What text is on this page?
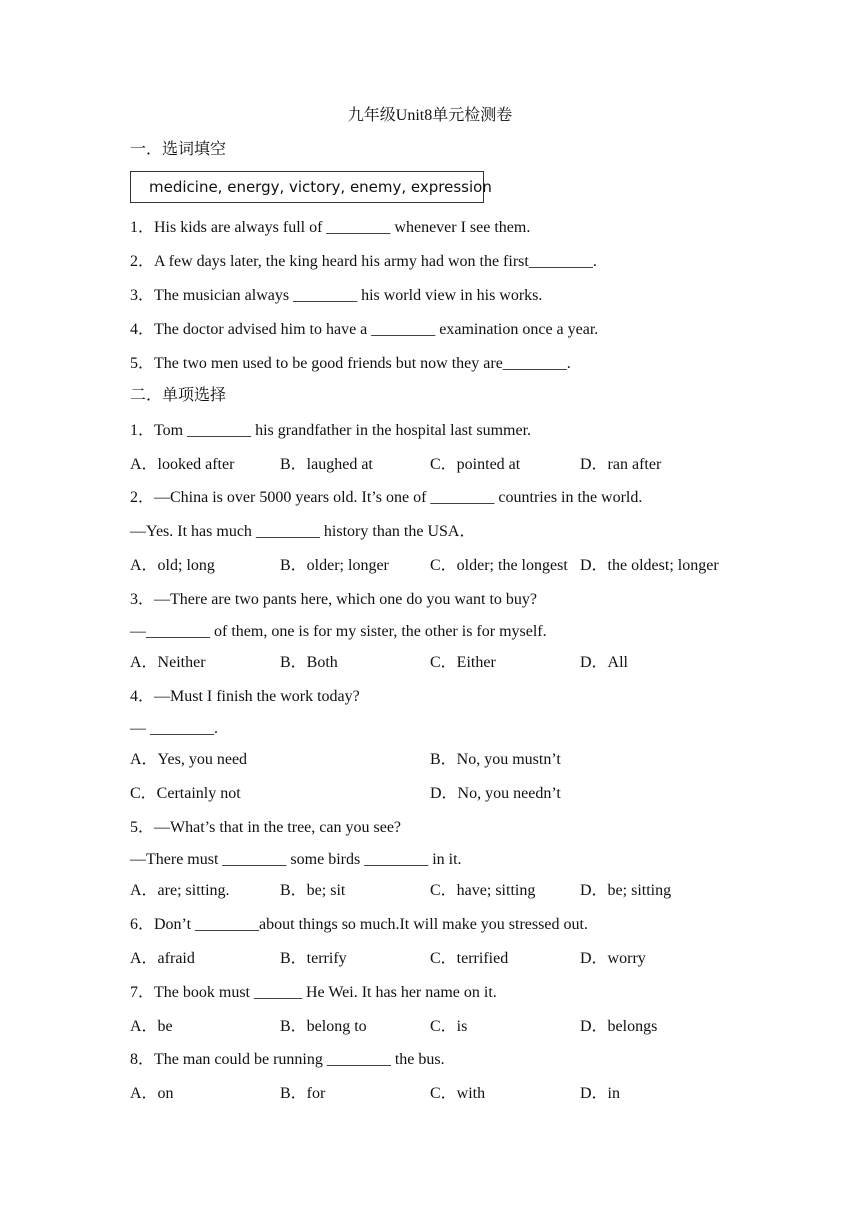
九年级Unit8单元检测卷
一．选词填空
medicine, energy, victory, enemy, expression
1．His kids are always full of ________ whenever I see them.
2．A few days later, the king heard his army had won the first________.
3．The musician always ________ his world view in his works.
4．The doctor advised him to have a ________ examination once a year.
5．The two men used to be good friends but now they are________.
二．单项选择
1．Tom ________ his grandfather in the hospital last summer.
A．looked after	B．laughed at	C．pointed at	D．ran after
2．—China is over 5000 years old. It’s one of ________ countries in the world.
—Yes. It has much ________ history than the USA．
A．old; long	B．older; longer	C．older; the longest D．the oldest; longer
3．—There are two pants here, which one do you want to buy?
—________ of them, one is for my sister, the other is for myself.
A．Neither	B．Both	C．Either	D．All
4．—Must I finish the work today?
— ________.
A．Yes, you need	B．No, you mustn’t
C．Certainly not	D．No, you needn’t
5．—What’s that in the tree, can you see?
—There must ________ some birds ________ in it.
A．are; sitting.	B．be; sit	C．have; sitting	D．be; sitting
6．Don’t ________about things so much.It will make you stressed out.
A．afraid	B．terrify	C．terrified	D．worry
7．The book must ______ He Wei. It has her name on it.
A．be	B．belong to	C．is	D．belongs
8．The man could be running ________ the bus.
A．on	B．for	C．with	D．in
